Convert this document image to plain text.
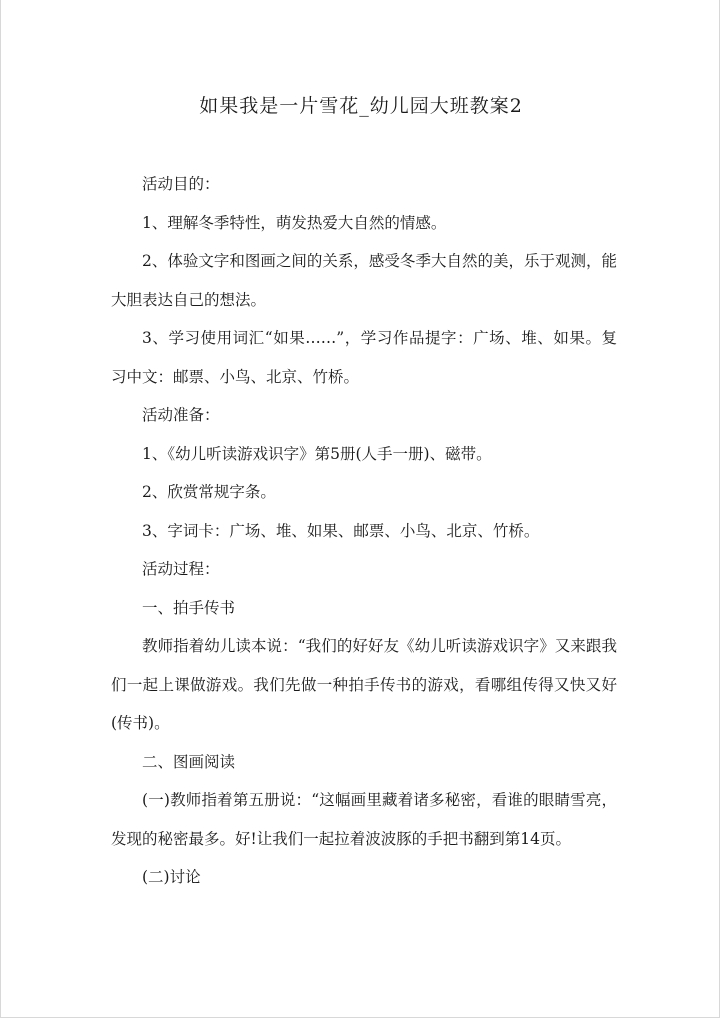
如果我是一片雪花_幼儿园大班教案2

活动目的：

1、理解冬季特性，萌发热爱大自然的情感。

2、体验文字和图画之间的关系，感受冬季大自然的美，乐于观测，能大胆表达自己的想法。

3、学习使用词汇“如果……”，学习作品提字：广场、堆、如果。复习中文：邮票、小鸟、北京、竹桥。

活动准备：

1、《幼儿听读游戏识字》第5册(人手一册)、磁带。

2、欣赏常规字条。

3、字词卡：广场、堆、如果、邮票、小鸟、北京、竹桥。

活动过程：

一、拍手传书

教师指着幼儿读本说：“我们的好好友《幼儿听读游戏识字》又来跟我们一起上课做游戏。我们先做一种拍手传书的游戏，看哪组传得又快又好(传书)。

二、图画阅读

(一)教师指着第五册说：“这幅画里藏着诸多秘密，看谁的眼睛雪亮，发现的秘密最多。好!让我们一起拉着波波豚的手把书翻到第14页。

(二)讨论
